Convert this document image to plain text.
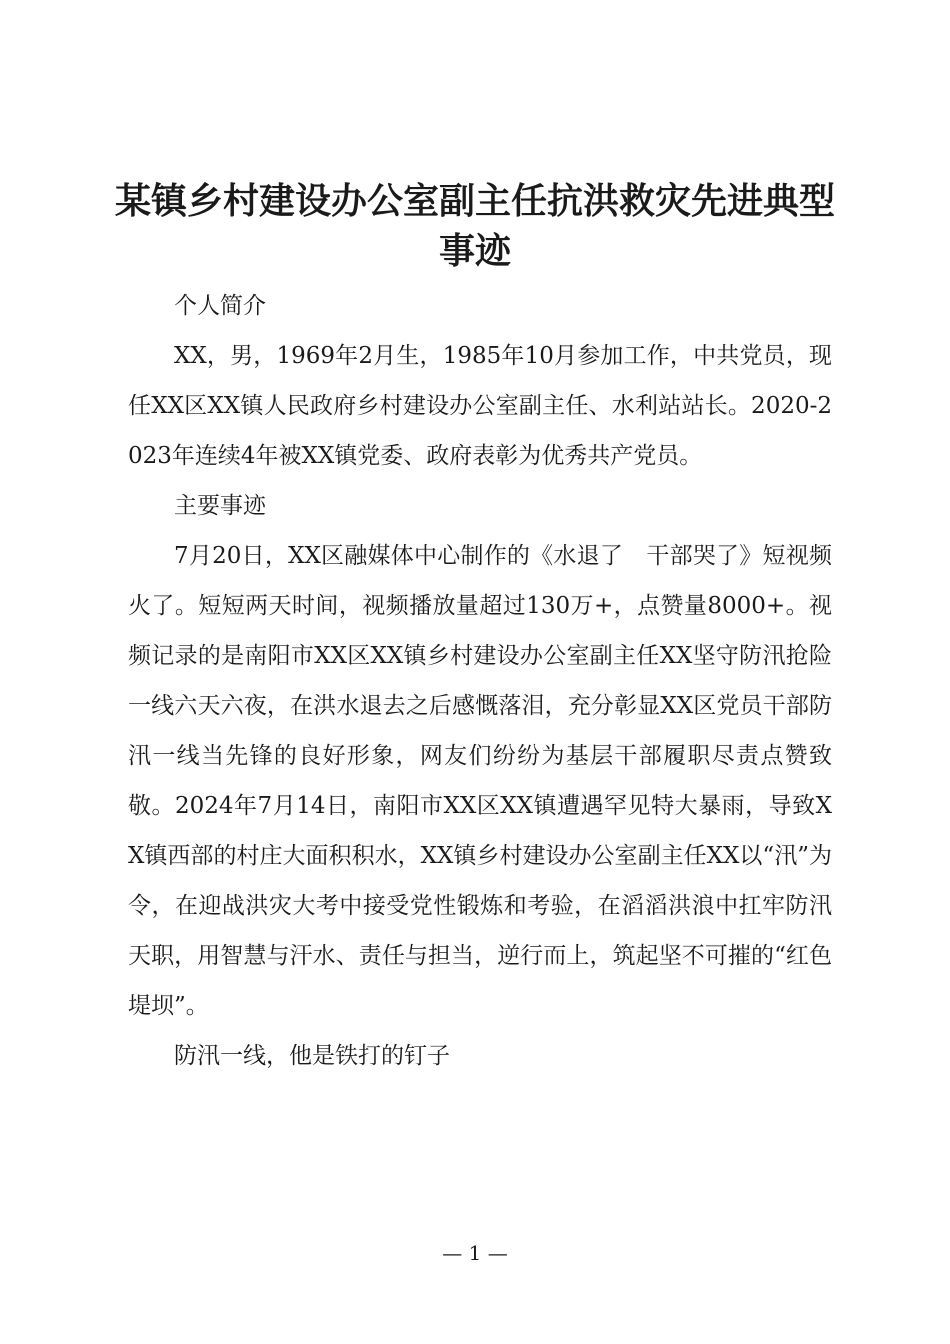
某镇乡村建设办公室副主任抗洪救灾先进典型事迹

个人简介

XX，男，1969年2月生，1985年10月参加工作，中共党员，现任XX区XX镇人民政府乡村建设办公室副主任、水利站站长。2020-2023年连续4年被XX镇党委、政府表彰为优秀共产党员。

主要事迹

7月20日，XX区融媒体中心制作的《水退了　干部哭了》短视频火了。短短两天时间，视频播放量超过130万+，点赞量8000+。视频记录的是南阳市XX区XX镇乡村建设办公室副主任XX坚守防汛抢险一线六天六夜，在洪水退去之后感慨落泪，充分彰显XX区党员干部防汛一线当先锋的良好形象，网友们纷纷为基层干部履职尽责点赞致敬。2024年7月14日，南阳市XX区XX镇遭遇罕见特大暴雨，导致XX镇西部的村庄大面积积水，XX镇乡村建设办公室副主任XX以“汛”为令，在迎战洪灾大考中接受党性锻炼和考验，在滔滔洪浪中扛牢防汛天职，用智慧与汗水、责任与担当，逆行而上，筑起坚不可摧的“红色堤坝”。

防汛一线，他是铁打的钉子

— 1 —
